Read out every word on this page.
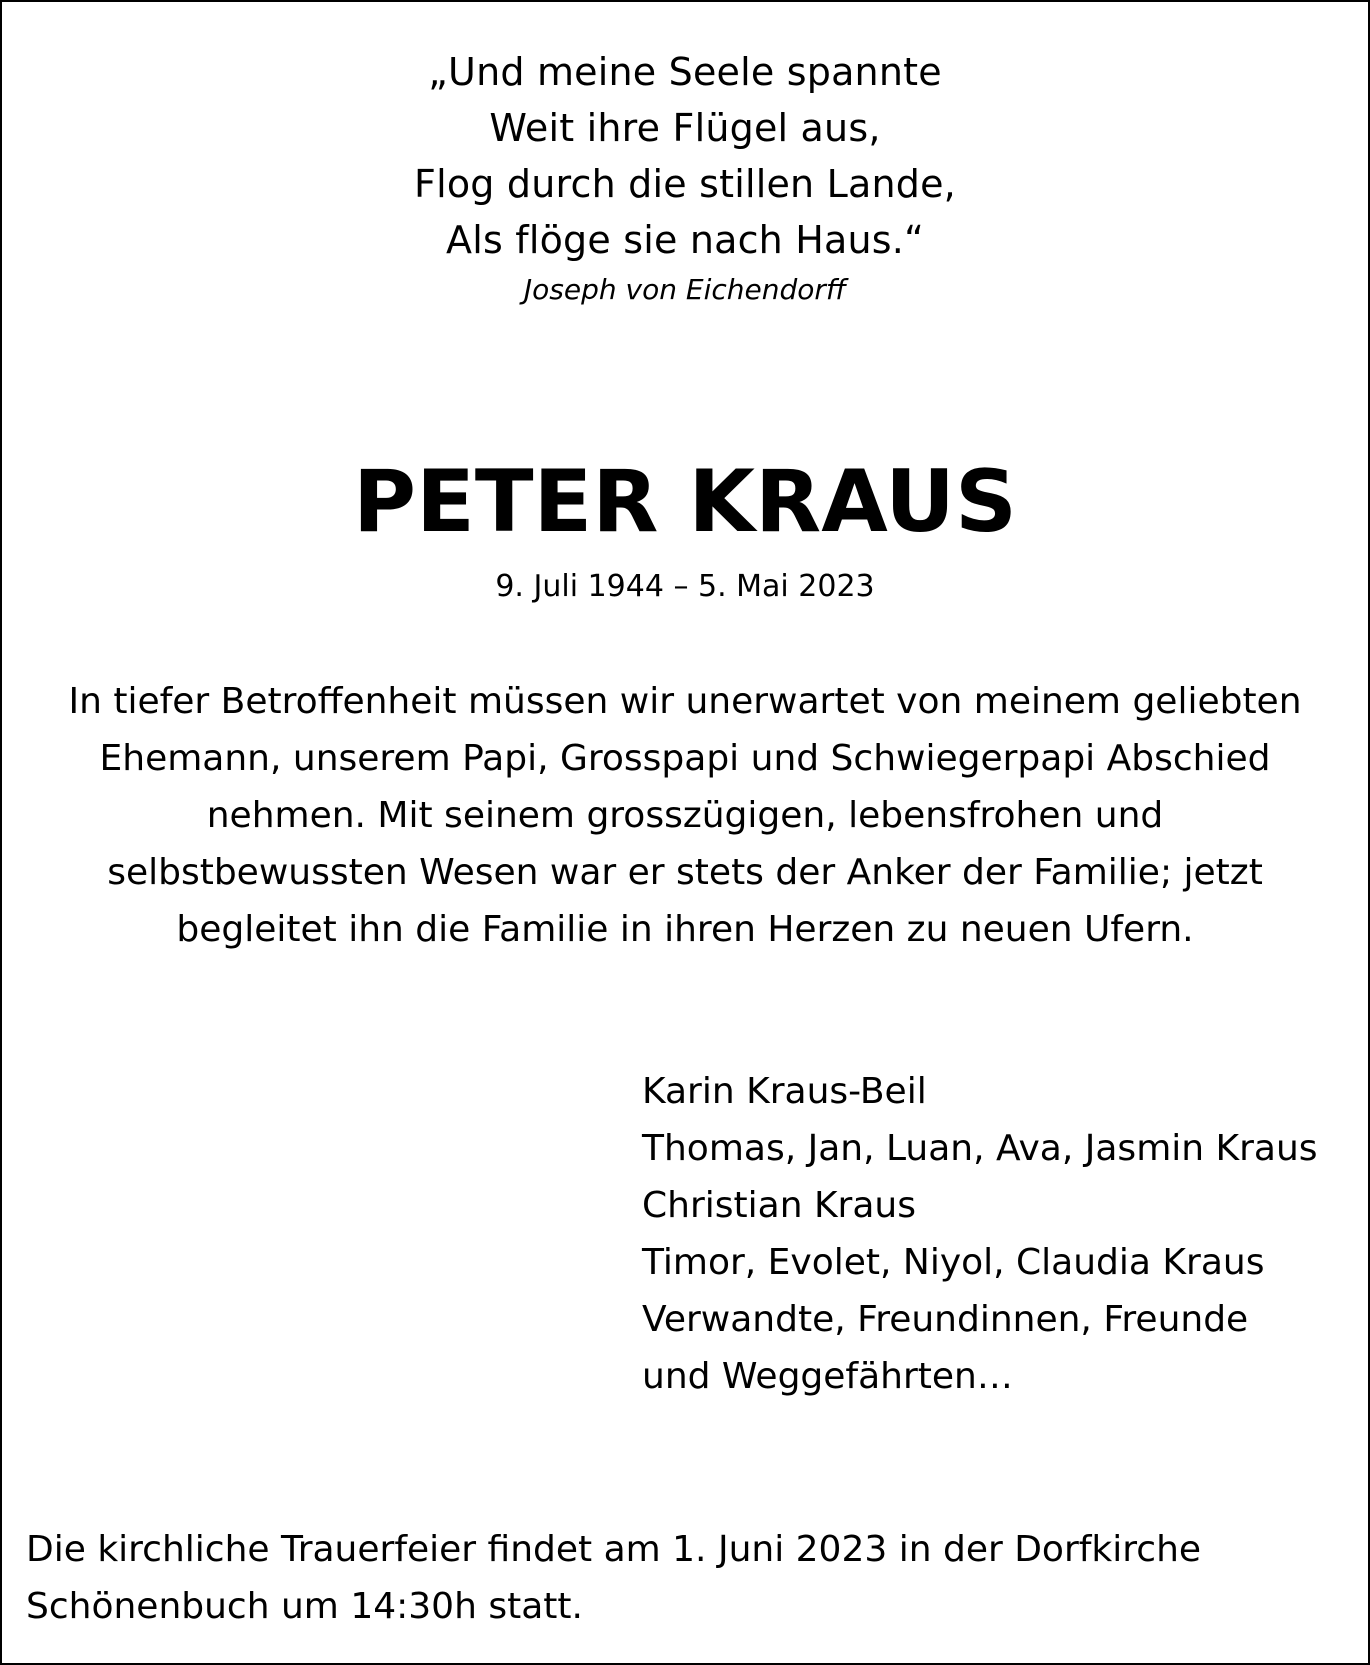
„Und meine Seele spannte
Weit ihre Flügel aus,
Flog durch die stillen Lande,
Als flöge sie nach Haus.“
Joseph von Eichendorff
PETER KRAUS
9. Juli 1944 – 5. Mai 2023
In tiefer Betroffenheit müssen wir unerwartet von meinem geliebten
Ehemann, unserem Papi, Grosspapi und Schwiegerpapi Abschied
nehmen. Mit seinem grosszügigen, lebensfrohen und
selbstbewussten Wesen war er stets der Anker der Familie; jetzt
begleitet ihn die Familie in ihren Herzen zu neuen Ufern.
Karin Kraus-Beil
Thomas, Jan, Luan, Ava, Jasmin Kraus
Christian Kraus
Timor, Evolet, Niyol, Claudia Kraus
Verwandte, Freundinnen, Freunde
und Weggefährten…
Die kirchliche Trauerfeier findet am 1. Juni 2023 in der Dorfkirche
Schönenbuch um 14:30h statt.
